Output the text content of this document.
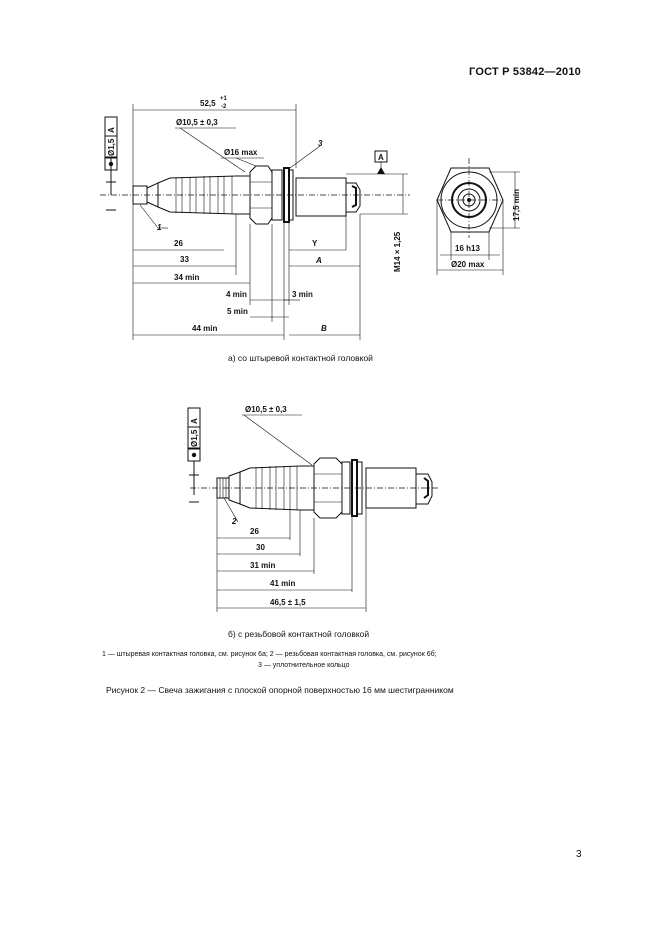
ГОСТ Р 53842—2010
52,5 +1
-2
Ø10,5 ± 0,3
Ø16 max
3
1
Ø1,5
A
A
M14 × 1,25
26
33
34 min
4 min
5 min
44 min
3 min
Y
A
B
17,5 min
16 h13
Ø20 max
Ø1,5
A
Ø10,5 ± 0,3
2
26
30
31 min
41 min
46,5 ± 1,5
а) со штыревой контактной головкой
б) с резьбовой контактной головкой
1 — штыревая контактная головка, см. рисунок 6а; 2 — резьбовая контактная головка, см. рисунок 6б;
3 — уплотнительное кольцо
Рисунок 2 — Свеча зажигания с плоской опорной поверхностью 16 мм шестигранником
3
